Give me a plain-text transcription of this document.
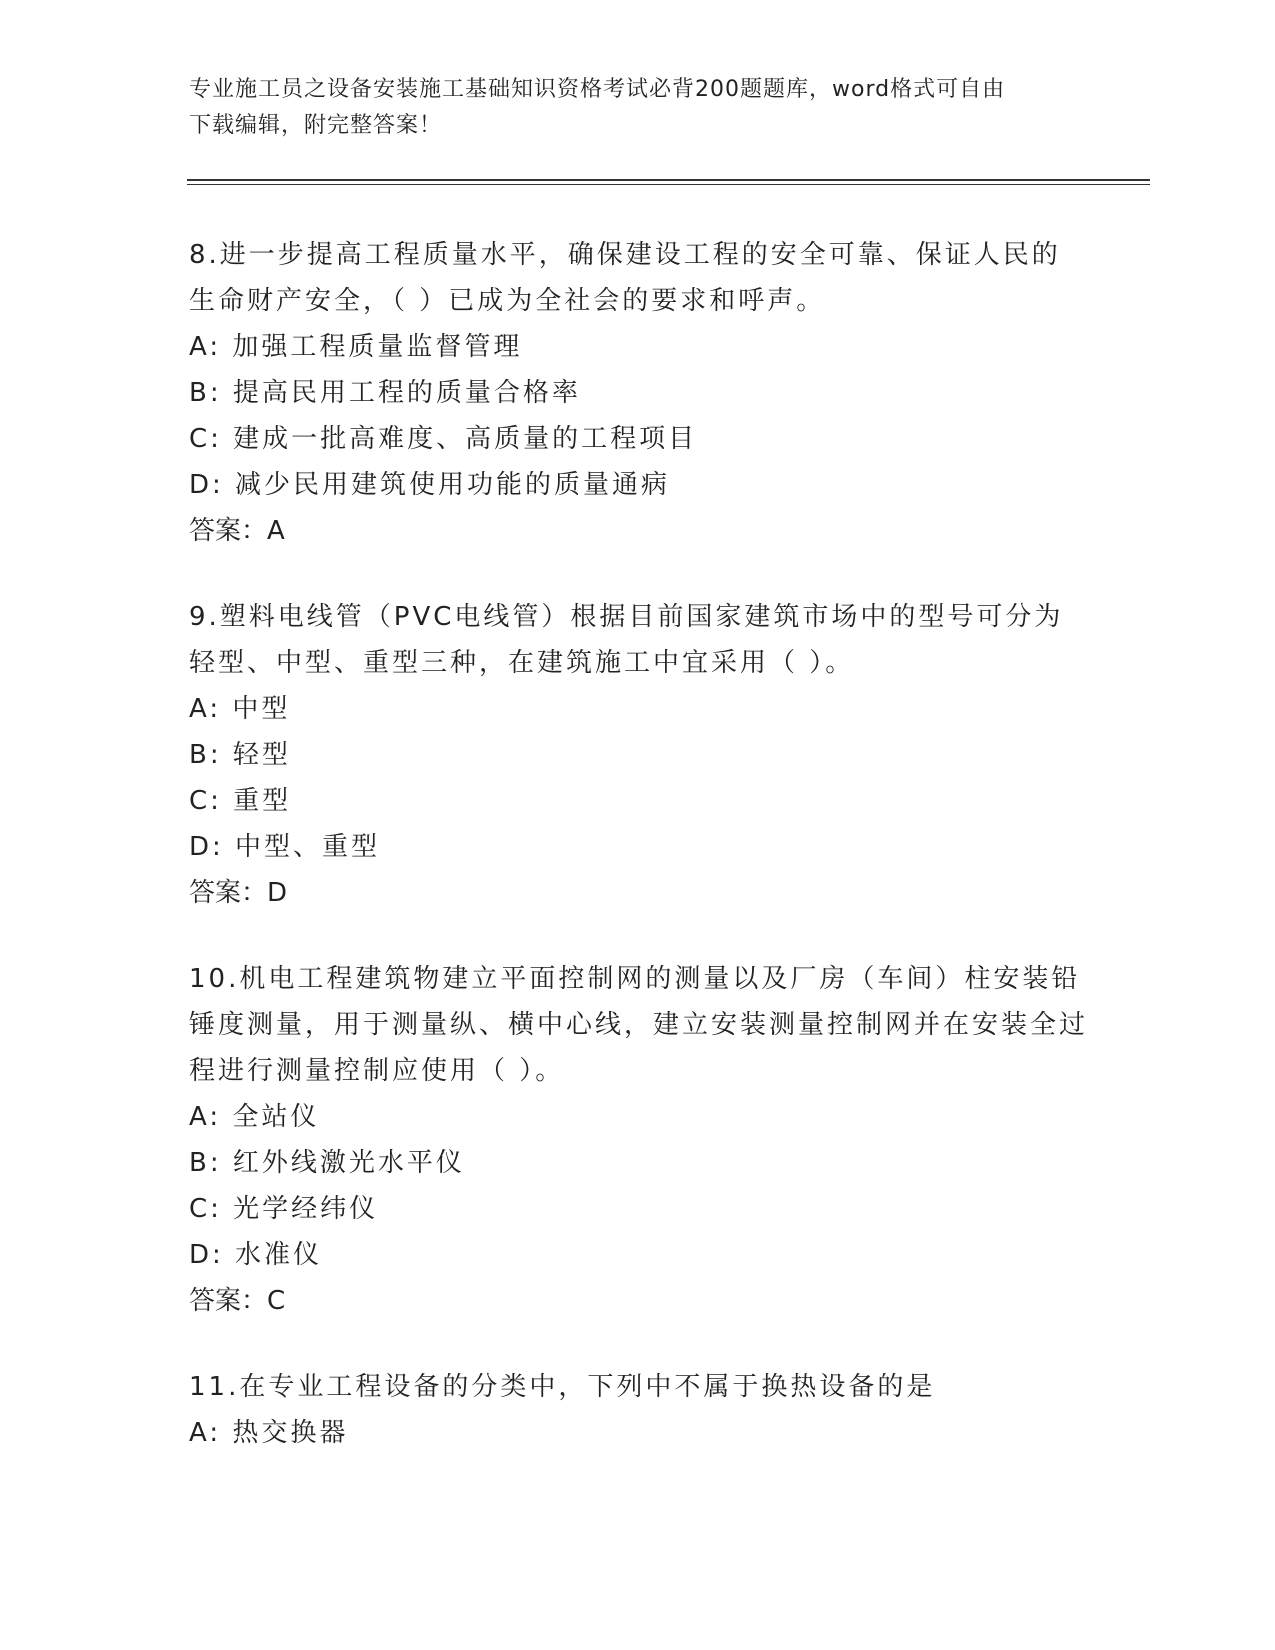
专业施工员之设备安装施工基础知识资格考试必背200题题库，word格式可自由
下载编辑，附完整答案！

8.进一步提高工程质量水平，确保建设工程的安全可靠、保证人民的生命财产安全，（ ）已成为全社会的要求和呼声。

A: 加强工程质量监督管理

B: 提高民用工程的质量合格率

C: 建成一批高难度、高质量的工程项目

D: 减少民用建筑使用功能的质量通病

答案：A

9.塑料电线管（PVC电线管）根据目前国家建筑市场中的型号可分为轻型、中型、重型三种，在建筑施工中宜采用（ ）。

A: 中型

B: 轻型

C: 重型

D: 中型、重型

答案：D

10.机电工程建筑物建立平面控制网的测量以及厂房（车间）柱安装铅锤度测量，用于测量纵、横中心线，建立安装测量控制网并在安装全过程进行测量控制应使用（ ）。

A: 全站仪

B: 红外线激光水平仪

C: 光学经纬仪

D: 水准仪

答案：C

11.在专业工程设备的分类中，下列中不属于换热设备的是

A: 热交换器
